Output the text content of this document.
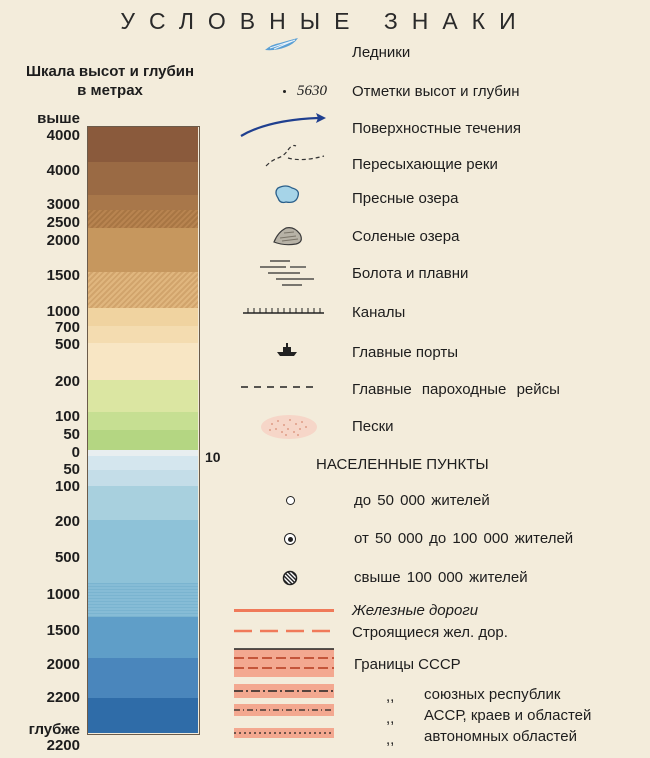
УСЛОВНЫЕ ЗНАКИ
Шкала высот и глубин
в метрах
выше
4000
4000
3000
2500
2000
1500
1000
700
500
200
100
50
0
50
100
200
500
1000
1500
2000
2200
глубже
2200
10
Ледники
5630 Отметки высот и глубин
Поверхностные течения
Пересыхающие реки
Пресные озера
Соленые озера
Болота и плавни
Каналы
Главные порты
Главные пароходные рейсы
Пески
НАСЕЛЕННЫЕ ПУНКТЫ
до 50 000 жителей
от 50 000 до 100 000 жителей
свыше 100 000 жителей
Железные дороги
Строящиеся жел. дор.
Границы СССР
,, союзных республик
,, АССР, краев и областей
,, автономных областей
